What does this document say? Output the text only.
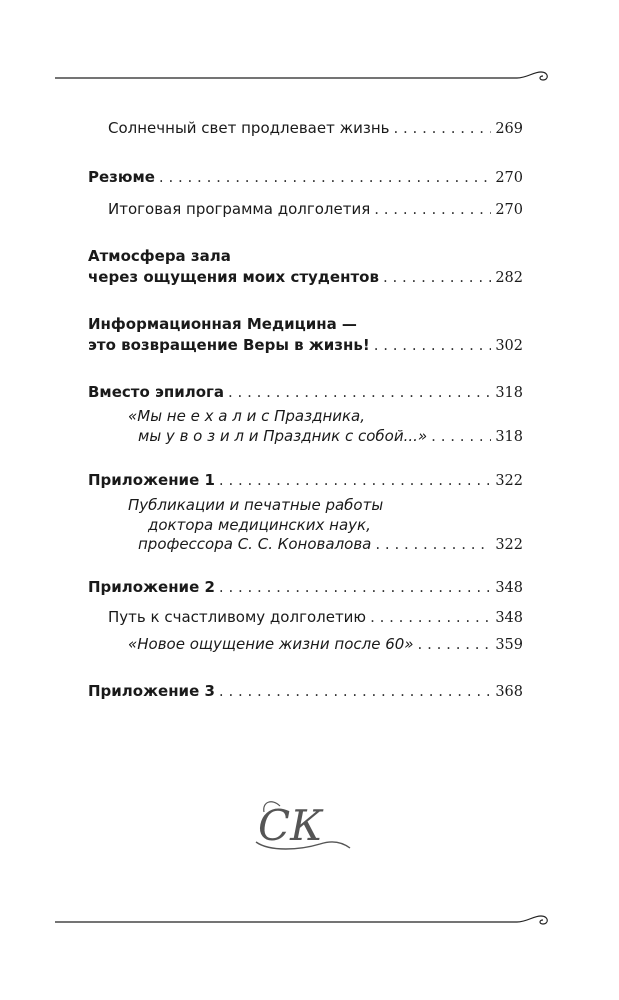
Солнечный свет продлевает жизнь . . .	269
Резюме . . .	270
Итоговая программа долголетия . . .	270
Атмосфера зала
через ощущения моих студентов . . .	282
Информационная Медицина —
это возвращение Веры в жизнь! . . .	302
Вместо эпилога . . .	318
«Мы не е х а л и с Праздника,
мы у в о з и л и Праздник с собой...» . . .	318
Приложение 1 . . .	322
Публикации и печатные работы
доктора медицинских наук,
профессора С. С. Коновалова . . .	322
Приложение 2 . . .	348
Путь к счастливому долголетию . . .	348
«Новое ощущение жизни после 60» . . .	359
Приложение 3 . . .	368
СК
